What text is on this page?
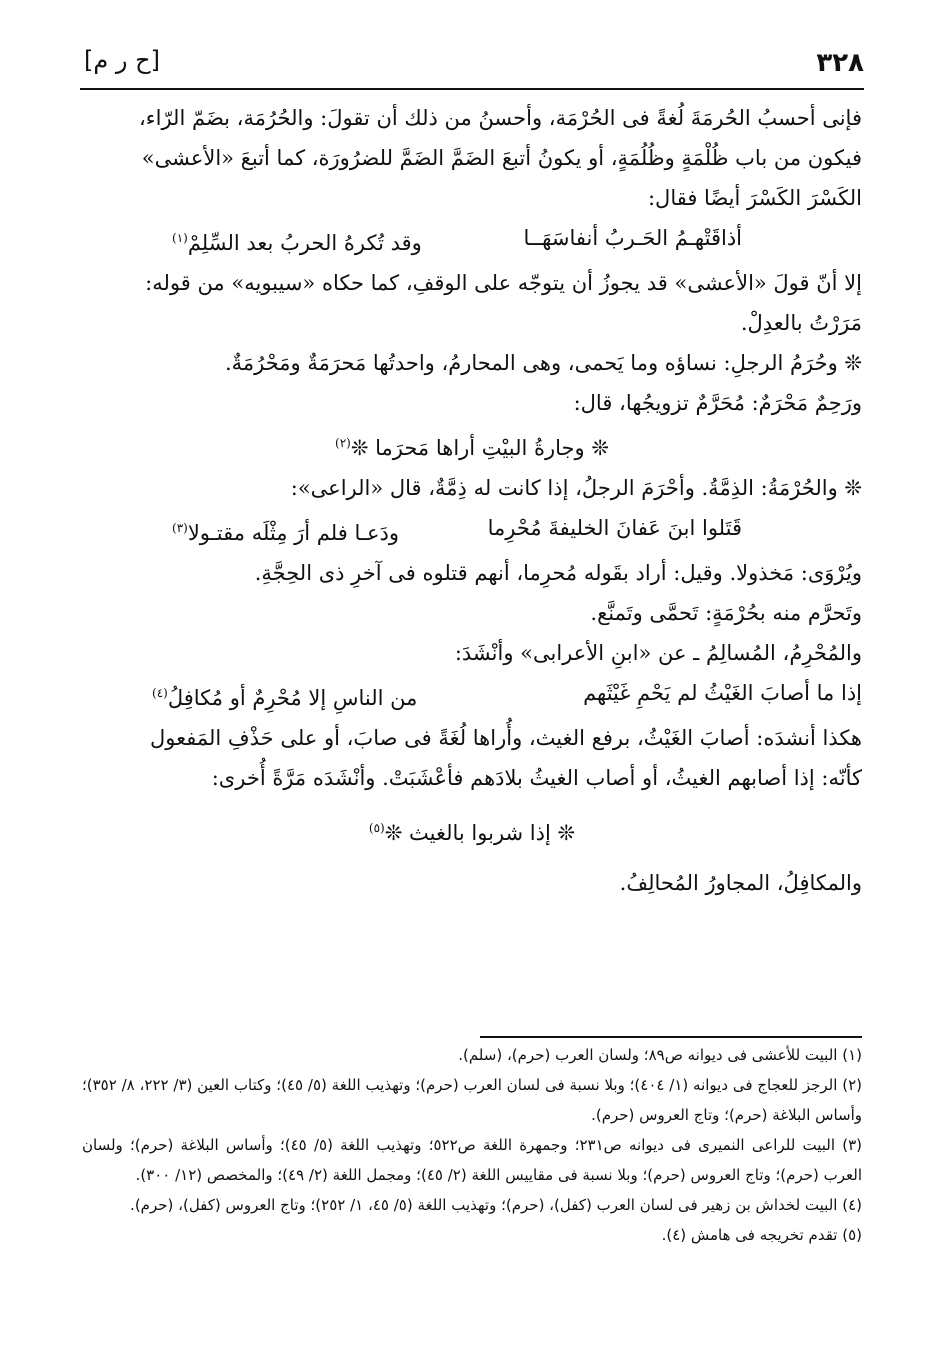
٣٢٨
[ح ر م]

فإنى أحسبُ الحُرمَةَ لُغةً فى الحُرْمَة، وأحسنُ من ذلك أن تقولَ: والحُرُمَة، بضَمّ الرّاء،

فيكون من باب ظُلْمَةٍ وظُلُمَةٍ، أو يكونُ أتبعَ الضَمَّ الضَمَّ للضرُورَة، كما أتبعَ «الأعشى»

الكَسْرَ الكَسْرَ أيضًا فقال:

أذاقَتْهـمُ الحَـربُ أنفاسَهَــا
وقد تُكرهُ الحربُ بعد السِّلِمْ$^{(١)}$

إلا أنّ قولَ «الأعشى» قد يجوزُ أن يتوجّه على الوقفِ، كما حكاه «سيبويه» من قوله:

مَرَرْتُ بالعدِلْ.

❊ وحُرَمُ الرجلِ: نساؤه وما يَحمى، وهى المحارمُ، واحدتُها مَحرَمَةٌ ومَحْرُمَةٌ.

ورَحِمٌ مَحْرَمٌ: مُحَرَّمٌ تزويجُها، قال:

❊ وجارةُ البيْتِ أراها مَحرَما ❊$^{(٢)}$

❊ والحُرْمَةُ: الذِمَّةُ. وأحْرَمَ الرجلُ، إذا كانت له ذِمَّةٌ، قال «الراعى»:

قَتَلوا ابنَ عَفانَ الخليفةَ مُحْرِما
ودَعـا فلم أرَ مِثْلَه مقتـولا$^{(٣)}$

ويُرْوَى: مَخذولا. وقيل: أراد بقَوله مُحرِما، أنهم قتلوه فى آخرِ ذى الحِجَّةِ.

وتَحرَّم منه بحُرْمَةٍ: تَحمَّى وتَمنَّع.

والمُحْرِمُ، المُسالِمُ ـ عن «ابنِ الأعرابى» وأنْشَدَ:

إذا ما أصابَ الغَيْثُ لم يَحْمِ غَيْثَهم
من الناسِ إلا مُحْرِمٌ أو مُكافِلُ$^{(٤)}$

هكذا أنشدَه: أصابَ الغَيْثُ، برفع الغيث، وأُراها لُغَةً فى صابَ، أو على حَذْفِ المَفعول

كأنّه: إذا أصابهم الغيثُ، أو أصاب الغيثُ بلادَهم فأعْشَبَتْ. وأنْشَدَه مَرَّةً أُخرى:

❊ إذا شربوا بالغيث ❊$^{(٥)}$

والمكافِلُ، المجاورُ المُحالِفُ.

(١) البيت للأعشى فى ديوانه ص٨٩؛ ولسان العرب (حرم)، (سلم).

(٢) الرجز للعجاج فى ديوانه (١/ ٤٠٤)؛ وبلا نسبة فى لسان العرب (حرم)؛ وتهذيب اللغة (٥/ ٤٥)؛ وكتاب العين (٣/ ٢٢٢، ٨/ ٣٥٢)؛ وأساس البلاغة (حرم)؛ وتاج العروس (حرم).

(٣) البيت للراعى النميرى فى ديوانه ص٢٣١؛ وجمهرة اللغة ص٥٢٢؛ وتهذيب اللغة (٥/ ٤٥)؛ وأساس البلاغة (حرم)؛ ولسان العرب (حرم)؛ وتاج العروس (حرم)؛ وبلا نسبة فى مقاييس اللغة (٢/ ٤٥)؛ ومجمل اللغة (٢/ ٤٩)؛ والمخصص (١٢/ ٣٠٠).

(٤) البيت لخداش بن زهير فى لسان العرب (كفل)، (حرم)؛ وتهذيب اللغة (٥/ ٤٥، ١/ ٢٥٢)؛ وتاج العروس (كفل)، (حرم).

(٥) تقدم تخريجه فى هامش (٤).
